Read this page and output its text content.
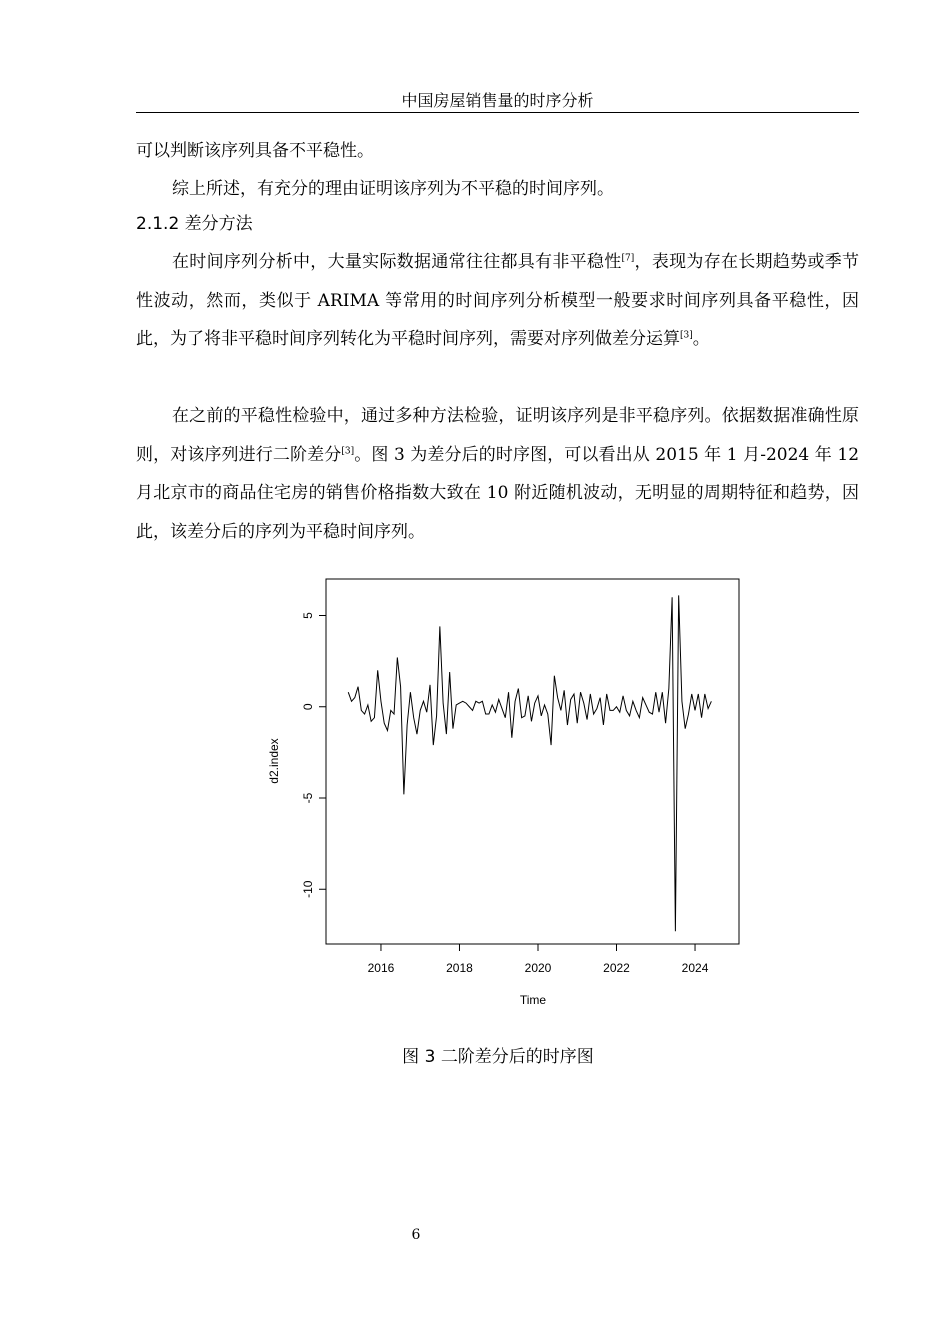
中国房屋销售量的时序分析

可以判断该序列具备不平稳性。

综上所述，有充分的理由证明该序列为不平稳的时间序列。

2.1.2 差分方法

在时间序列分析中，大量实际数据通常往往都具有非平稳性[7]，表现为存在长期趋势或季节性波动，然而，类似于 ARIMA 等常用的时间序列分析模型一般要求时间序列具备平稳性，因此，为了将非平稳时间序列转化为平稳时间序列，需要对序列做差分运算[3]。

在之前的平稳性检验中，通过多种方法检验，证明该序列是非平稳序列。依据数据准确性原则，对该序列进行二阶差分[3]。图 3 为差分后的时序图，可以看出从 2015 年 1 月-2024 年 12 月北京市的商品住宅房的销售价格指数大致在 10 附近随机波动，无明显的周期特征和趋势，因此，该差分后的序列为平稳时间序列。

2016	2018	2020	2022	2024
-10
-5
0
5
Time
d2.index
图 3 二阶差分后的时序图
6
